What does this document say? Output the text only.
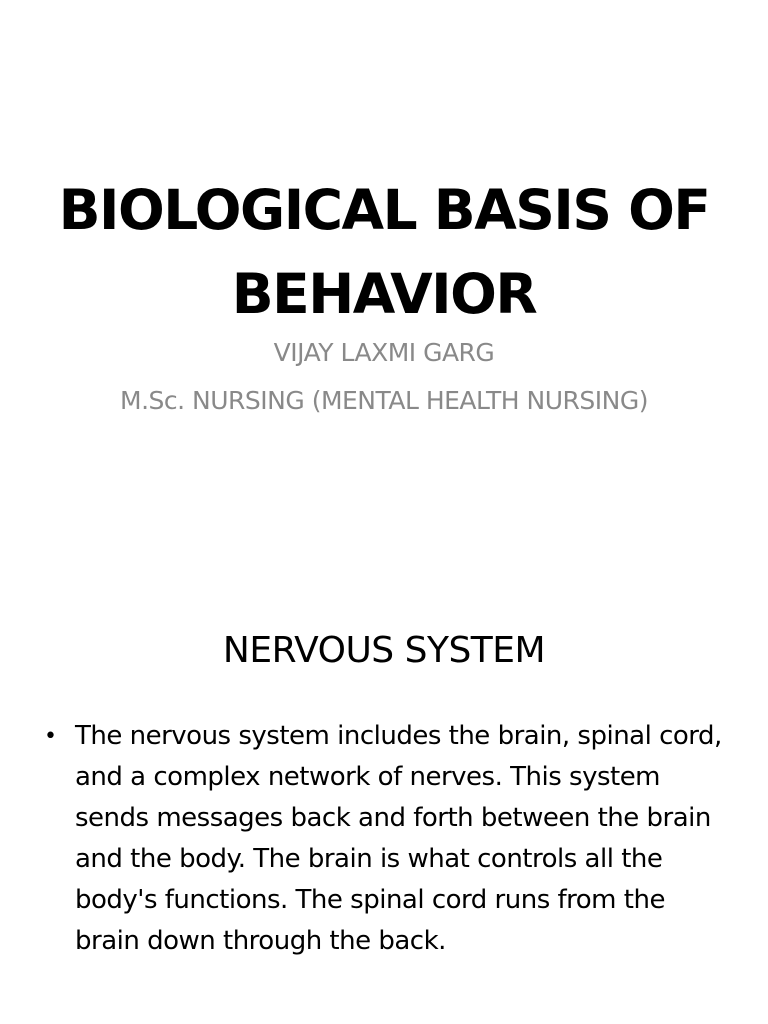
BIOLOGICAL BASIS OF BEHAVIOR

VIJAY LAXMI GARG

M.Sc. NURSING (MENTAL HEALTH NURSING)

NERVOUS SYSTEM
• The nervous system includes the brain, spinal cord, and a complex network of nerves. This system sends messages back and forth between the brain and the body. The brain is what controls all the body's functions. The spinal cord runs from the brain down through the back.
